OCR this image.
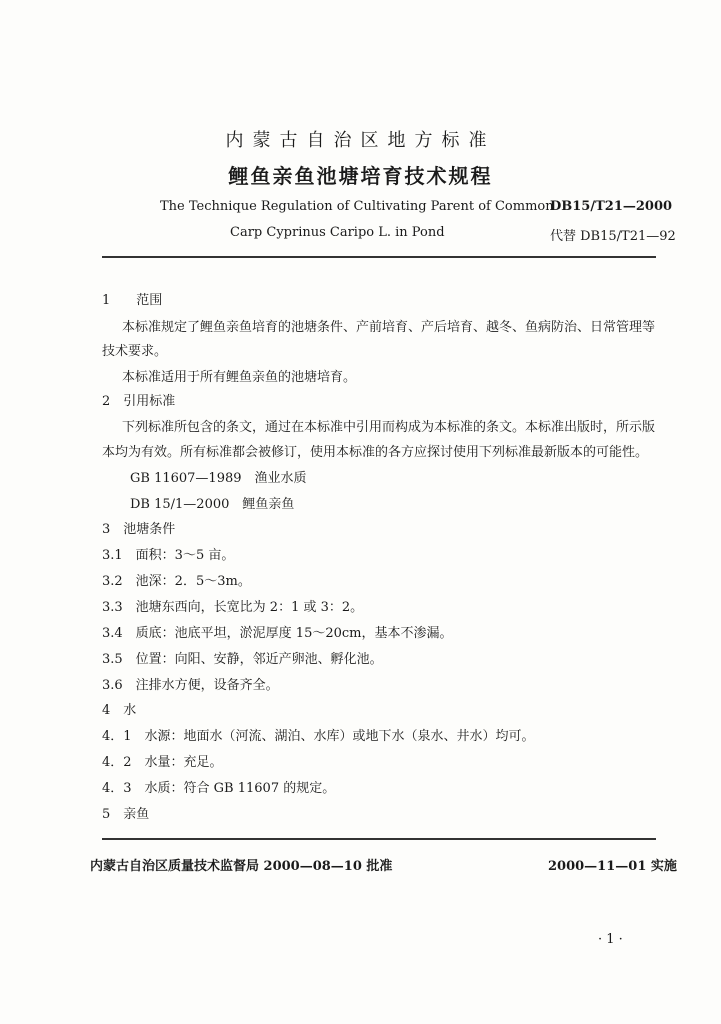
内蒙古自治区地方标准
鲤鱼亲鱼池塘培育技术规程
The Technique Regulation of Cultivating Parent of Common
Carp Cyprinus Caripo L. in Pond
DB15/T21—2000
代替 DB15/T21—92
1　　范围
本标准规定了鲤鱼亲鱼培育的池塘条件、产前培育、产后培育、越冬、鱼病防治、日常管理等
技术要求。
本标准适用于所有鲤鱼亲鱼的池塘培育。
2　引用标准
下列标准所包含的条文，通过在本标准中引用而构成为本标准的条文。本标准出版时，所示版
本均为有效。所有标准都会被修订，使用本标准的各方应探讨使用下列标准最新版本的可能性。
GB 11607—1989　渔业水质
DB 15/1—2000　鲤鱼亲鱼
3　池塘条件
3.1　面积：3～5 亩。
3.2　池深：2．5～3m。
3.3　池塘东西向，长宽比为 2：1 或 3：2。
3.4　质底：池底平坦，淤泥厚度 15～20cm，基本不渗漏。
3.5　位置：向阳、安静，邻近产卵池、孵化池。
3.6　注排水方便，设备齐全。
4　水
4．1　水源：地面水（河流、湖泊、水库）或地下水（泉水、井水）均可。
4．2　水量：充足。
4．3　水质：符合 GB 11607 的规定。
5　亲鱼
内蒙古自治区质量技术监督局 2000—08—10 批准	2000—11—01 实施
· 1 ·
